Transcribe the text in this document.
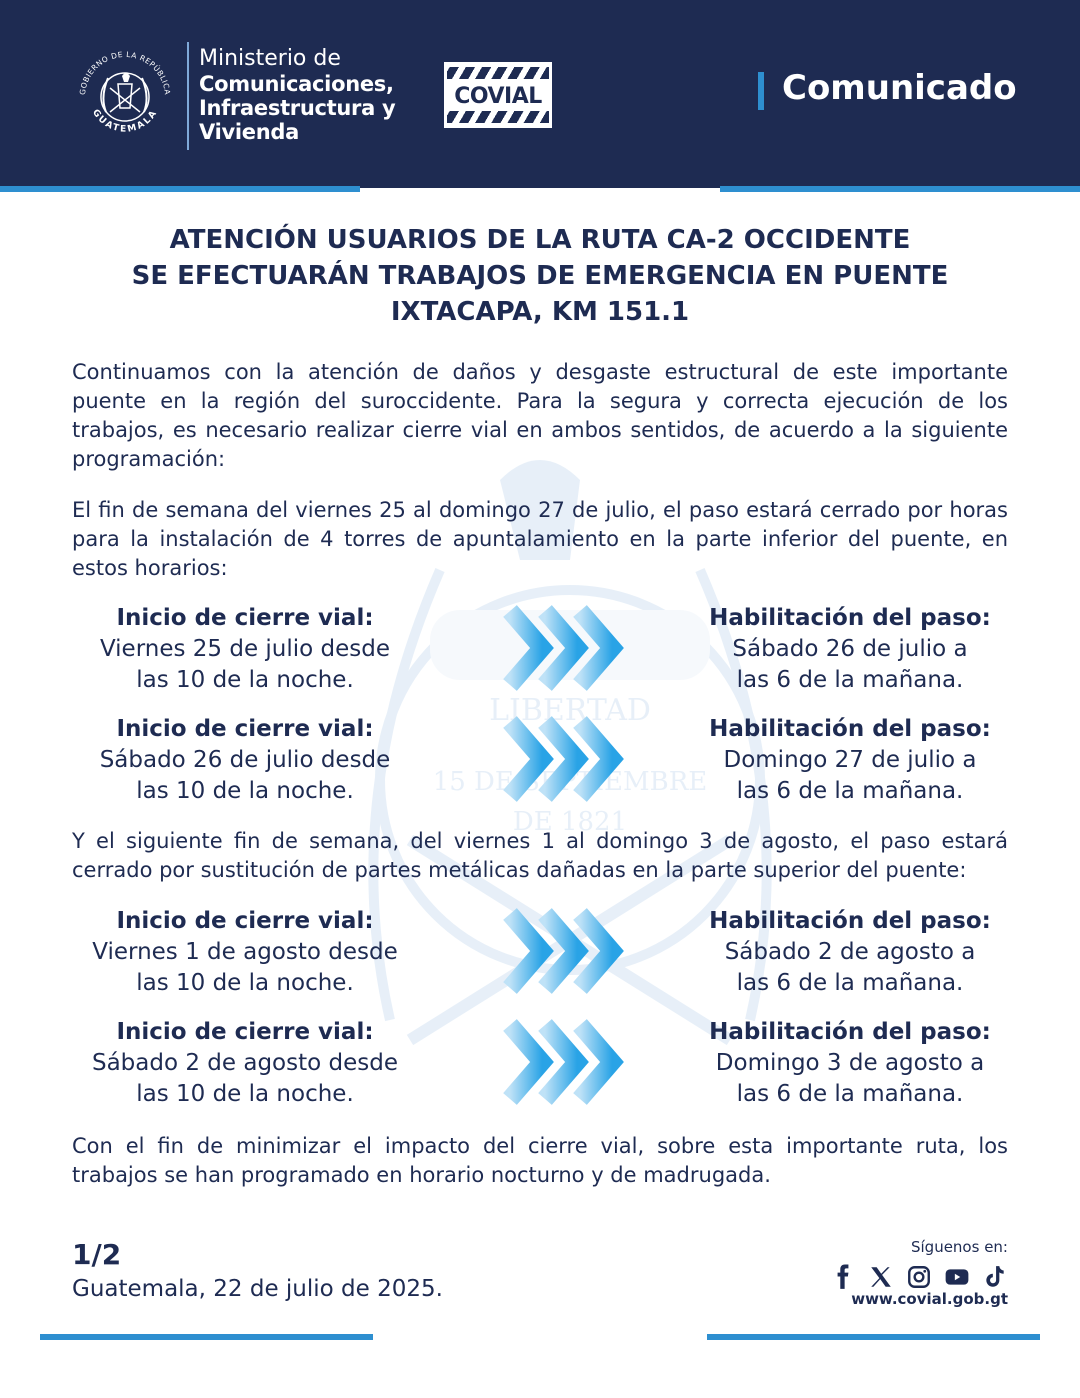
GOBIERNO DE LA REPÚBLICA
GUATEMALA
Ministerio de
Comunicaciones,
Infraestructura y
Vivienda
COVIAL	Comunicado
LIBERTAD
15 DE SEPTIEMBRE
DE 1821
ATENCIÓN USUARIOS DE LA RUTA CA-2 OCCIDENTE
SE EFECTUARÁN TRABAJOS DE EMERGENCIA EN PUENTE
IXTACAPA, KM 151.1
Continuamos con la atención de daños y desgaste estructural de este importante puente en la región del suroccidente. Para la segura y correcta ejecución de los trabajos, es necesario realizar cierre vial en ambos sentidos, de acuerdo a la siguiente programación:
El fin de semana del viernes 25 al domingo 27 de julio, el paso estará cerrado por horas para la instalación de 4 torres de apuntalamiento en la parte inferior del puente, en estos horarios:
Inicio de cierre vial:
Viernes 25 de julio desde
las 10 de la noche.
Habilitación del paso:
Sábado 26 de julio a
las 6 de la mañana.
Inicio de cierre vial:
Sábado 26 de julio desde
las 10 de la noche.
Habilitación del paso:
Domingo 27 de julio a
las 6 de la mañana.
Y el siguiente fin de semana, del viernes 1 al domingo 3 de agosto, el paso estará cerrado por sustitución de partes metálicas dañadas en la parte superior del puente:
Inicio de cierre vial:
Viernes 1 de agosto desde
las 10 de la noche.
Habilitación del paso:
Sábado 2 de agosto a
las 6 de la mañana.
Inicio de cierre vial:
Sábado 2 de agosto desde
las 10 de la noche.
Habilitación del paso:
Domingo 3 de agosto a
las 6 de la mañana.
Con el fin de minimizar el impacto del cierre vial, sobre esta importante ruta, los trabajos se han programado en horario nocturno y de madrugada.
1/2
Guatemala, 22 de julio de 2025.
Síguenos en:
www.covial.gob.gt
